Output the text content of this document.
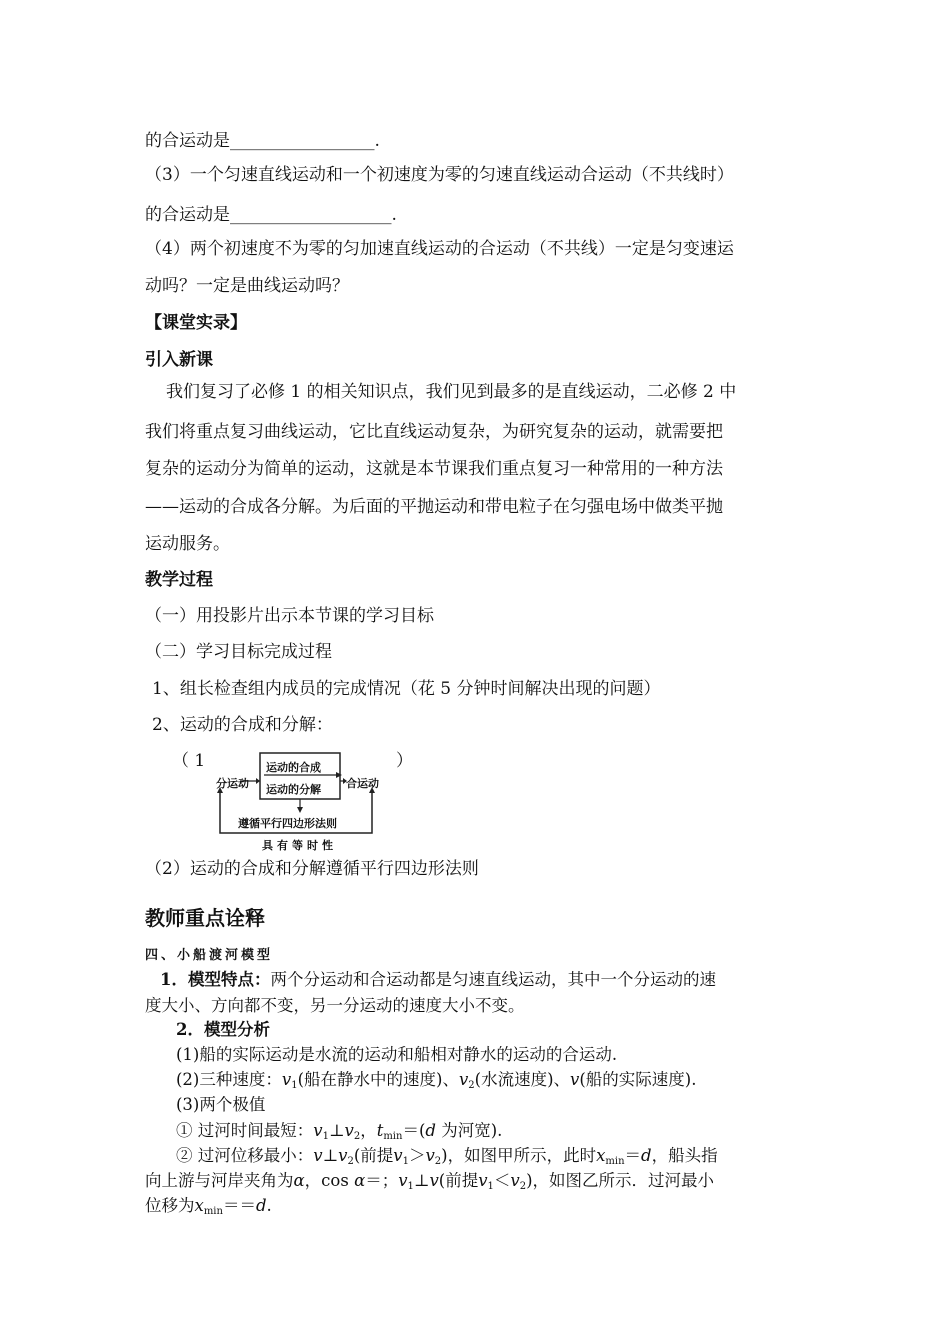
的合运动是_________________.
（3）一个匀速直线运动和一个初速度为零的匀速直线运动合运动（不共线时）
的合运动是___________________.
（4）两个初速度不为零的匀加速直线运动的合运动（不共线）一定是匀变速运
动吗？一定是曲线运动吗？
【课堂实录】
引入新课
我们复习了必修 1 的相关知识点，我们见到最多的是直线运动，二必修 2 中
我们将重点复习曲线运动，它比直线运动复杂，为研究复杂的运动，就需要把
复杂的运动分为简单的运动，这就是本节课我们重点复习一种常用的一种方法
——运动的合成各分解。为后面的平抛运动和带电粒子在匀强电场中做类平抛
运动服务。
教学过程
（一）用投影片出示本节课的学习目标
（二）学习目标完成过程
1、组长检查组内成员的完成情况（花 5 分钟时间解决出现的问题）
2、运动的合成和分解：
（ 1	）
分运动
运动的合成
运动的分解 合运动
遵循平行四边形法则
具有等时性
（2）运动的合成和分解遵循平行四边形法则
教师重点诠释
四、小船渡河模型
1．模型特点：两个分运动和合运动都是匀速直线运动，其中一个分运动的速
度大小、方向都不变，另一分运动的速度大小不变。
2．模型分析
(1)船的实际运动是水流的运动和船相对静水的运动的合运动.
(2)三种速度：$v_1$(船在静水中的速度)、$v_2$(水流速度)、v(船的实际速度).
(3)两个极值
① 过河时间最短：$v_1\perp v_2$，$t_{min}=(d$ 为河宽).
② 过河位移最小：$v\perp v_2$(前提$v_1>v_2$)，如图甲所示，此时$x_{min}=d$，船头指
向上游与河岸夹角为α，cos α＝；$v_1\perp v$(前提$v_1<v_2$)，如图乙所示．过河最小
位移为$x_{min}==d$.
